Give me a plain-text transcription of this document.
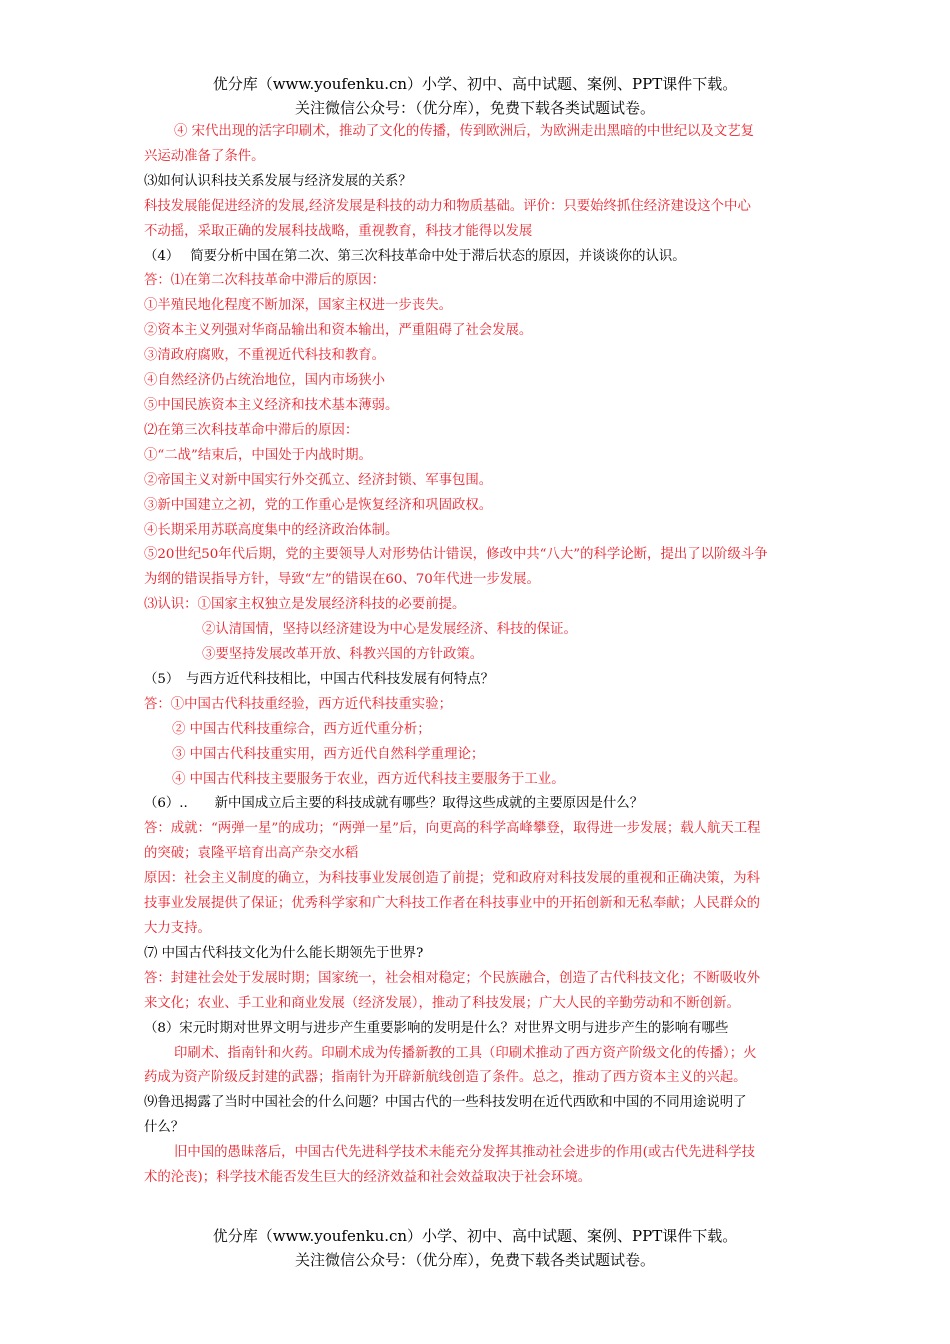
优分库（www.youfenku.cn）小学、初中、高中试题、案例、PPT课件下载。
关注微信公众号：（优分库），免费下载各类试题试卷。
④ 宋代出现的活字印刷术，推动了文化的传播，传到欧洲后，为欧洲走出黑暗的中世纪以及文艺复
兴运动准备了条件。
⑶如何认识科技关系发展与经济发展的关系？
科技发展能促进经济的发展,经济发展是科技的动力和物质基础。评价：只要始终抓住经济建设这个中心
不动摇，采取正确的发展科技战略，重视教育，科技才能得以发展
（4）　 简要分析中国在第二次、第三次科技革命中处于滞后状态的原因，并谈谈你的认识。
答：⑴在第二次科技革命中滞后的原因：
①半殖民地化程度不断加深，国家主权进一步丧失。
②资本主义列强对华商品输出和资本输出，严重阻碍了社会发展。
③清政府腐败，不重视近代科技和教育。
④自然经济仍占统治地位，国内市场狭小
⑤中国民族资本主义经济和技术基本薄弱。
⑵在第三次科技革命中滞后的原因：
①“二战”结束后，中国处于内战时期。
②帝国主义对新中国实行外交孤立、经济封锁、军事包围。
③新中国建立之初，党的工作重心是恢复经济和巩固政权。
④长期采用苏联高度集中的经济政治体制。
⑤20世纪50年代后期，党的主要领导人对形势估计错误，修改中共“八大”的科学论断，提出了以阶级斗争
为纲的错误指导方针，导致“左”的错误在60、70年代进一步发展。
⑶认识：①国家主权独立是发展经济科技的必要前提。
②认清国情，坚持以经济建设为中心是发展经济、科技的保证。
③要坚持发展改革开放、科教兴国的方针政策。
（5）　与西方近代科技相比，中国古代科技发展有何特点？
答：①中国古代科技重经验，西方近代科技重实验；
② 中国古代科技重综合，西方近代重分析；
③ 中国古代科技重实用，西方近代自然科学重理论；
④ 中国古代科技主要服务于农业，西方近代科技主要服务于工业。
（6）..　　新中国成立后主要的科技成就有哪些？取得这些成就的主要原因是什么？
答：成就：“两弹一星”的成功；“两弹一星”后，向更高的科学高峰攀登，取得进一步发展；载人航天工程
的突破；袁隆平培育出高产杂交水稻
原因：社会主义制度的确立，为科技事业发展创造了前提；党和政府对科技发展的重视和正确决策，为科
技事业发展提供了保证；优秀科学家和广大科技工作者在科技事业中的开拓创新和无私奉献；人民群众的
大力支持。
⑺ 中国古代科技文化为什么能长期领先于世界?
答：封建社会处于发展时期；国家统一，社会相对稳定；个民族融合，创造了古代科技文化；不断吸收外
来文化；农业、手工业和商业发展（经济发展），推动了科技发展；广大人民的辛勤劳动和不断创新。
（8）宋元时期对世界文明与进步产生重要影响的发明是什么？对世界文明与进步产生的影响有哪些
印刷术、指南针和火药。印刷术成为传播新教的工具（印刷术推动了西方资产阶级文化的传播）；火
药成为资产阶级反封建的武器；指南针为开辟新航线创造了条件。总之，推动了西方资本主义的兴起。
⑼鲁迅揭露了当时中国社会的什么问题？中国古代的一些科技发明在近代西欧和中国的不同用途说明了
什么？
旧中国的愚昧落后，中国古代先进科学技术未能充分发挥其推动社会进步的作用(或古代先进科学技
术的沦丧)；科学技术能否发生巨大的经济效益和社会效益取决于社会环境。
优分库（www.youfenku.cn）小学、初中、高中试题、案例、PPT课件下载。
关注微信公众号：（优分库），免费下载各类试题试卷。
